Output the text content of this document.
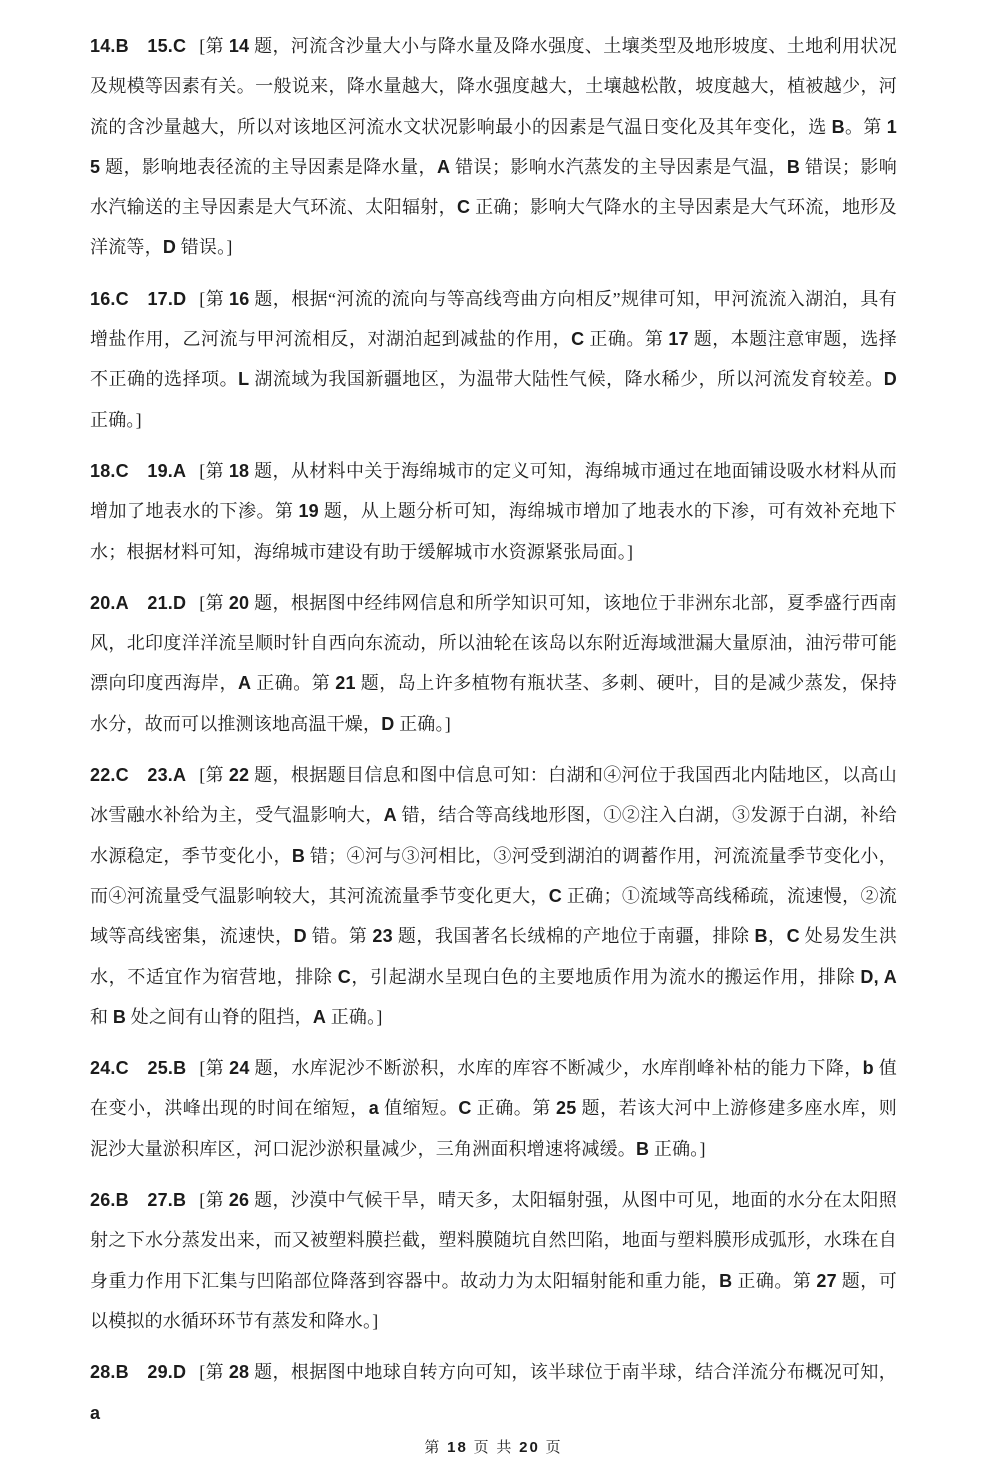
14.B　 15.C [第 14 题，河流含沙量大小与降水量及降水强度、土壤类型及地形坡度、土地利用状况及规模等因素有关。一般说来，降水量越大，降水强度越大，土壤越松散，坡度越大，植被越少，河流的含沙量越大，所以对该地区河流水文状况影响最小的因素是气温日变化及其年变化，选 B。第 15 题，影响地表径流的主导因素是降水量，A 错误；影响水汽蒸发的主导因素是气温，B 错误；影响水汽输送的主导因素是大气环流、太阳辐射，C 正确；影响大气降水的主导因素是大气环流，地形及洋流等，D 错误。]

16.C　 17.D [第 16 题，根据“河流的流向与等高线弯曲方向相反”规律可知，甲河流流入湖泊，具有增盐作用，乙河流与甲河流相反，对湖泊起到减盐的作用，C 正确。第 17 题，本题注意审题，选择不正确的选择项。L 湖流域为我国新疆地区，为温带大陆性气候，降水稀少，所以河流发育较差。D 正确。]

18.C　 19.A [第 18 题，从材料中关于海绵城市的定义可知，海绵城市通过在地面铺设吸水材料从而增加了地表水的下渗。第 19 题，从上题分析可知，海绵城市增加了地表水的下渗，可有效补充地下水；根据材料可知，海绵城市建设有助于缓解城市水资源紧张局面。]

20.A　 21.D [第 20 题，根据图中经纬网信息和所学知识可知，该地位于非洲东北部，夏季盛行西南风，北印度洋洋流呈顺时针自西向东流动，所以油轮在该岛以东附近海域泄漏大量原油，油污带可能漂向印度西海岸，A 正确。第 21 题，岛上许多植物有瓶状茎、多刺、硬叶，目的是减少蒸发，保持水分，故而可以推测该地高温干燥，D 正确。]

22.C　 23.A [第 22 题，根据题目信息和图中信息可知：白湖和④河位于我国西北内陆地区，以高山冰雪融水补给为主，受气温影响大，A 错，结合等高线地形图，①②注入白湖，③发源于白湖，补给水源稳定，季节变化小，B 错；④河与③河相比，③河受到湖泊的调蓄作用，河流流量季节变化小，而④河流量受气温影响较大，其河流流量季节变化更大，C 正确；①流域等高线稀疏，流速慢，②流域等高线密集，流速快，D 错。第 23 题，我国著名长绒棉的产地位于南疆，排除 B，C 处易发生洪水，不适宜作为宿营地，排除 C，引起湖水呈现白色的主要地质作用为流水的搬运作用，排除 D, A 和 B 处之间有山脊的阻挡，A 正确。]

24.C　 25.B [第 24 题，水库泥沙不断淤积，水库的库容不断减少，水库削峰补枯的能力下降，b 值在变小，洪峰出现的时间在缩短，a 值缩短。C 正确。第 25 题，若该大河中上游修建多座水库，则泥沙大量淤积库区，河口泥沙淤积量减少，三角洲面积增速将减缓。B 正确。]

26.B　 27.B [第 26 题，沙漠中气候干旱，晴天多，太阳辐射强，从图中可见，地面的水分在太阳照射之下水分蒸发出来，而又被塑料膜拦截，塑料膜随坑自然凹陷，地面与塑料膜形成弧形，水珠在自身重力作用下汇集与凹陷部位降落到容器中。故动力为太阳辐射能和重力能，B 正确。第 27 题，可以模拟的水循环环节有蒸发和降水。]

28.B　 29.D [第 28 题，根据图中地球自转方向可知，该半球位于南半球，结合洋流分布概况可知，a

第 18 页 共 20 页
